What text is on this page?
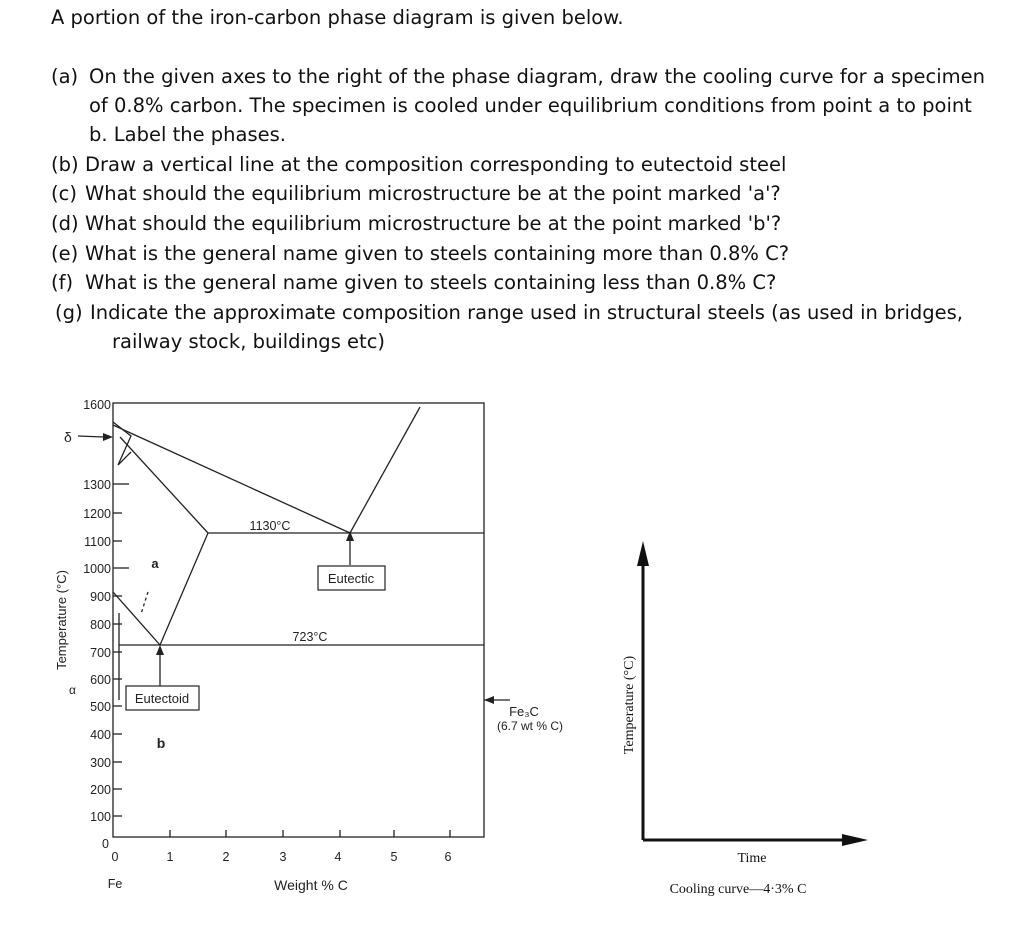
A portion of the iron-carbon phase diagram is given below.
(a) On the given axes to the right of the phase diagram, draw the cooling curve for a specimen
of 0.8% carbon. The specimen is cooled under equilibrium conditions from point a to point
b. Label the phases.
(b) Draw a vertical line at the composition corresponding to eutectoid steel
(c) What should the equilibrium microstructure be at the point marked 'a'?
(d) What should the equilibrium microstructure be at the point marked 'b'?
(e) What is the general name given to steels containing more than 0.8% C?
(f) What is the general name given to steels containing less than 0.8% C?
(g) Indicate the approximate composition range used in structural steels (as used in bridges,
railway stock, buildings etc)
1600
1300
1200
1100
1000
900
800
700
600
500
400
300
200
100
0
0	1	2	3	4	5	6
Fe	Weight % C
Temperature (°C)
δ
α
1130°C
723°C
Eutectic
Eutectoid
a
b
Fe₃C
(6.7 wt % C)	Temperature (°C)
Time
Cooling curve—4·3% C
